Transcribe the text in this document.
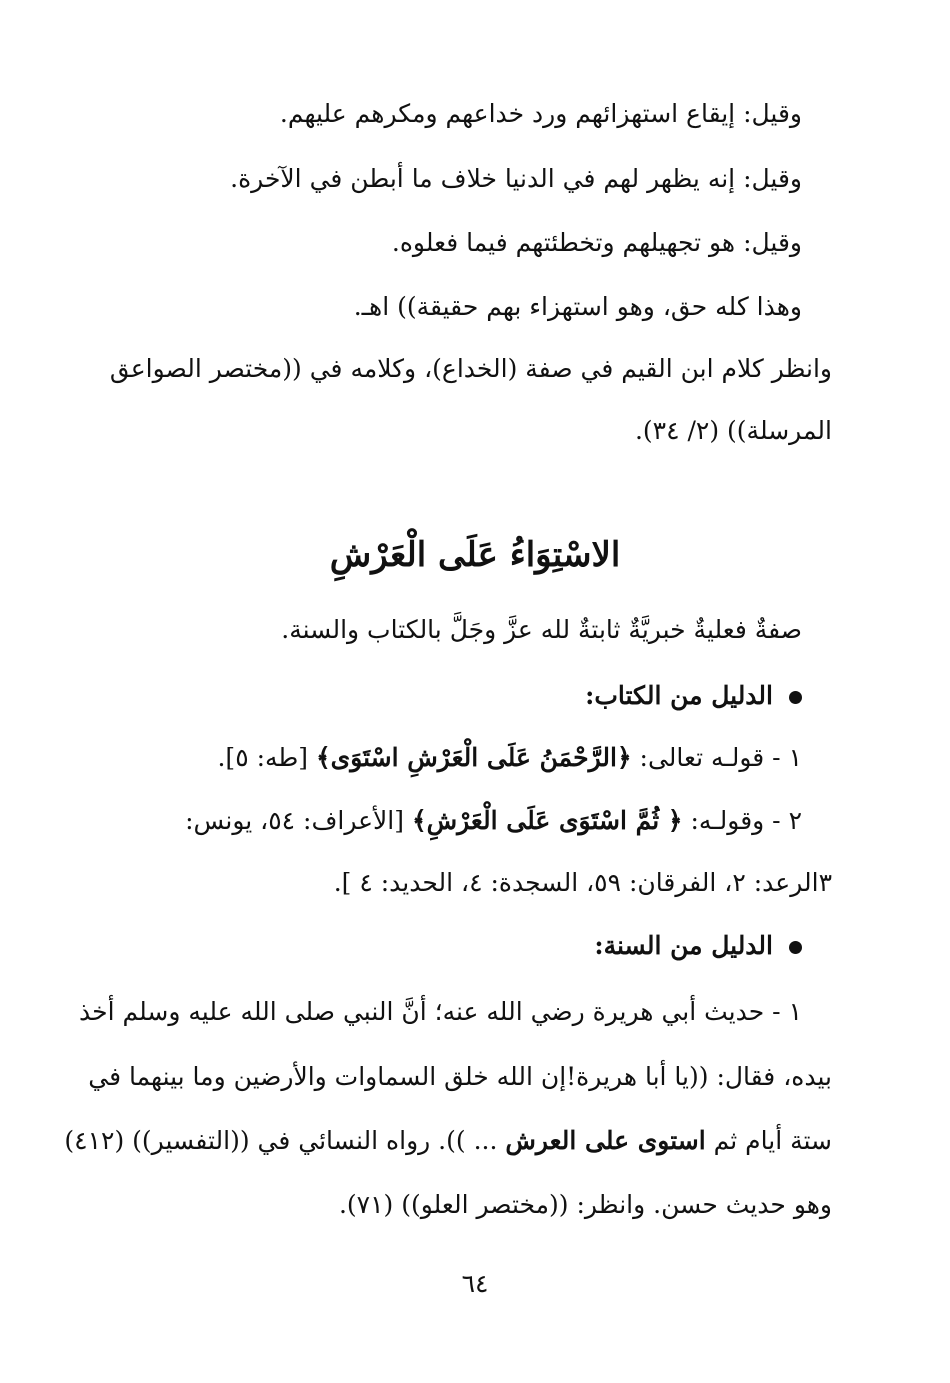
وقيل: إيقاع استهزائهم ورد خداعهم ومكرهم عليهم.
وقيل: إنه يظهر لهم في الدنيا خلاف ما أبطن في الآخرة.
وقيل: هو تجهيلهم وتخطئتهم فيما فعلوه.
وهذا كله حق، وهو استهزاء بهم حقيقة)) اهـ.
وانظر كلام ابن القيم في صفة (الخداع)، وكلامه في ((مختصر الصواعق
المرسلة)) (٢/ ٣٤).
الاسْتِوَاءُ عَلَى الْعَرْشِ
صفةٌ فعليةٌ خبريَّةٌ ثابتةٌ لله عزَّ وجَلَّ بالكتاب والسنة.
الدليل من الكتاب:
١ - قولـه تعالى: ﴿الرَّحْمَنُ عَلَى الْعَرْشِ اسْتَوَى﴾ [طه: ٥].
٢ - وقولـه: ﴿ ثُمَّ اسْتَوَى عَلَى الْعَرْشِ﴾ [الأعراف: ٥٤، يونس:
٣الرعد: ٢، الفرقان: ٥٩، السجدة: ٤، الحديد: ٤ ].
الدليل من السنة:
١ - حديث أبي هريرة رضي الله عنه؛ أنَّ النبي صلى الله عليه وسلم أخذ
بيده، فقال: ((يا أبا هريرة!إن الله خلق السماوات والأرضين وما بينهما في
ستة أيام ثم استوى على العرش ... )). رواه النسائي في ((التفسير)) (٤١٢)
وهو حديث حسن. وانظر: ((مختصر العلو)) (٧١).
٦٤
